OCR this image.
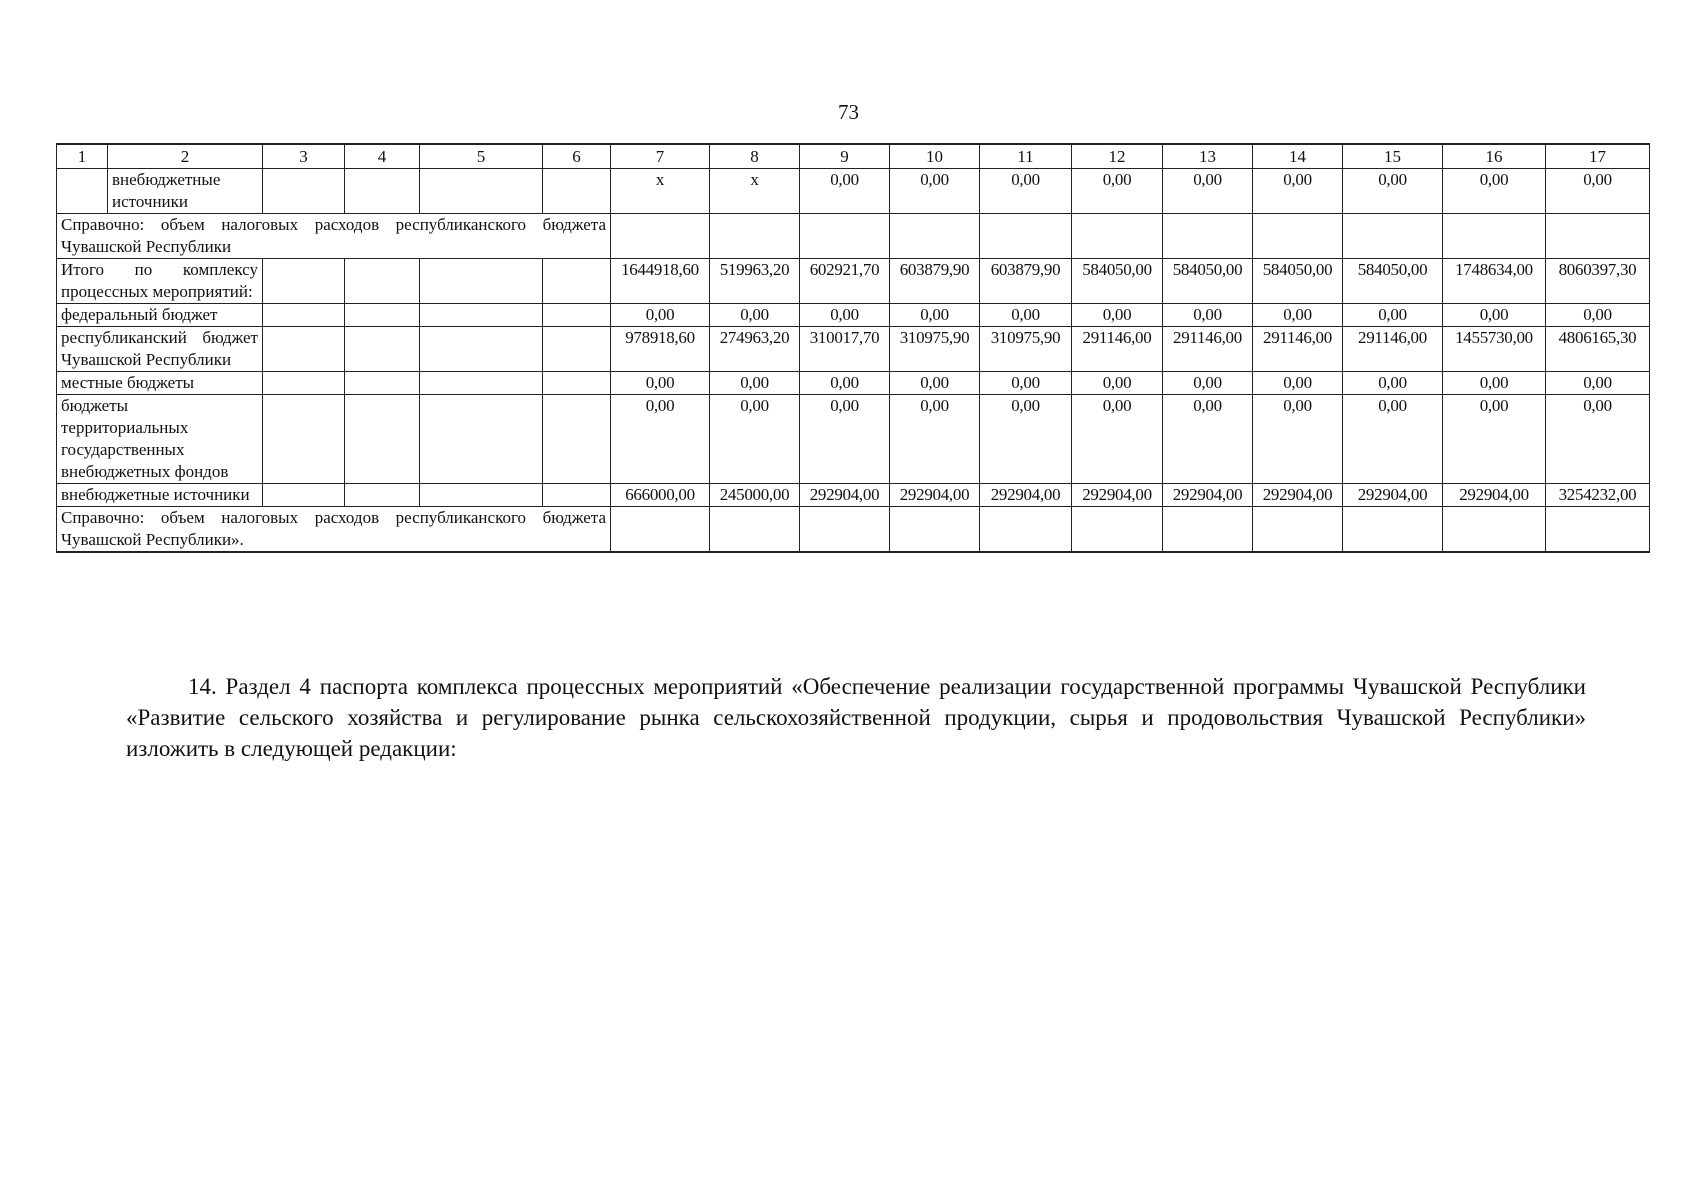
73
1	2	3	4	5	6	7	8	9	10	11	12	13	14	15	16	17
	внебюджетные источники					х	х	0,00	0,00	0,00	0,00	0,00	0,00	0,00	0,00	0,00
Справочно: объем налоговых расходов республиканского бюджета Чувашской Республики																
Итого по комплексу процессных мероприятий:						1644918,60	519963,20	602921,70	603879,90	603879,90	584050,00	584050,00	584050,00	584050,00	1748634,00	8060397,30
федеральный бюджет						0,00	0,00	0,00	0,00	0,00	0,00	0,00	0,00	0,00	0,00	0,00
республиканский бюджет Чувашской Республики						978918,60	274963,20	310017,70	310975,90	310975,90	291146,00	291146,00	291146,00	291146,00	1455730,00	4806165,30
местные бюджеты						0,00	0,00	0,00	0,00	0,00	0,00	0,00	0,00	0,00	0,00	0,00
бюджеты территориальных государственных внебюджетных фондов						0,00	0,00	0,00	0,00	0,00	0,00	0,00	0,00	0,00	0,00	0,00
внебюджетные источники						666000,00	245000,00	292904,00	292904,00	292904,00	292904,00	292904,00	292904,00	292904,00	292904,00	3254232,00
Справочно: объем налоговых расходов республиканского бюджета Чувашской Республики».																

14. Раздел 4 паспорта комплекса процессных мероприятий «Обеспечение реализации государственной программы Чувашской Республики «Развитие сельского хозяйства и регулирование рынка сельскохозяйственной продукции, сырья и продовольствия Чувашской Республики» изложить в следующей редакции:
